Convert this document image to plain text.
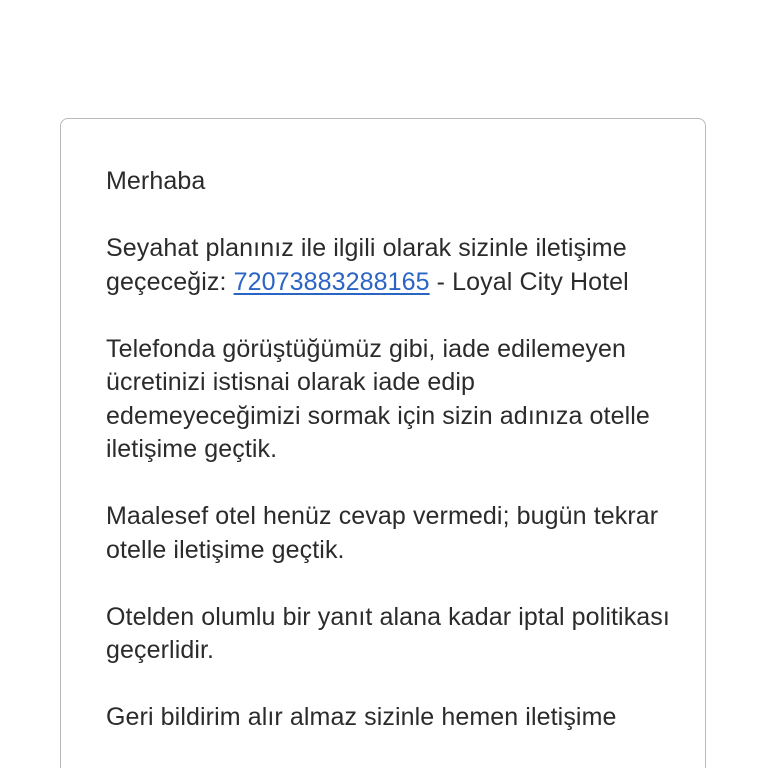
Merhaba

Seyahat planınız ile ilgili olarak sizinle iletişime geçeceğiz: 72073883288165 - Loyal City Hotel

Telefonda görüştüğümüz gibi, iade edilemeyen ücretinizi istisnai olarak iade edip edemeyeceğimizi sormak için sizin adınıza otelle iletişime geçtik.

Maalesef otel henüz cevap vermedi; bugün tekrar otelle iletişime geçtik.

Otelden olumlu bir yanıt alana kadar iptal politikası geçerlidir.

Geri bildirim alır almaz sizinle hemen iletişime
